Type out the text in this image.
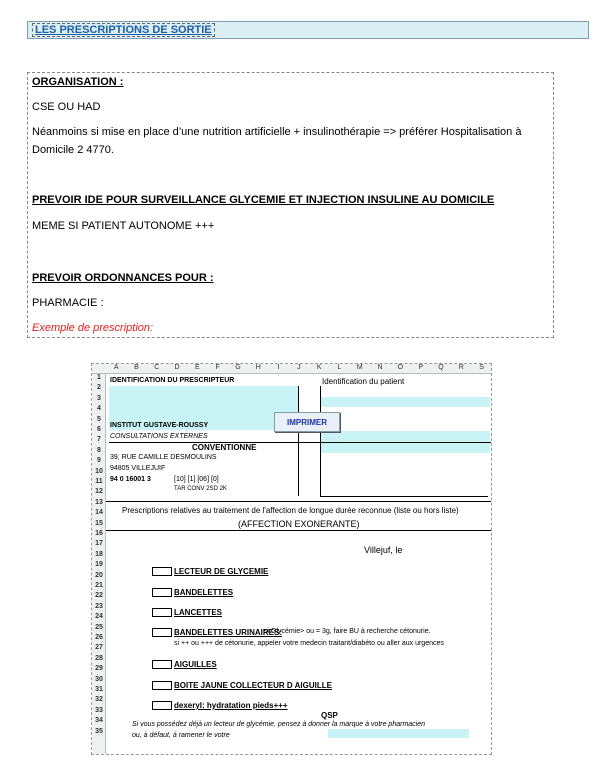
LES PRESCRIPTIONS DE SORTIE
ORGANISATION :
CSE OU HAD
Néanmoins si mise en place d’une nutrition artificielle + insulinothérapie => préférer Hospitalisation à
Domicile 2 4770.
PREVOIR IDE POUR SURVEILLANCE GLYCEMIE ET INJECTION INSULINE AU DOMICILE
MEME SI PATIENT AUTONOME +++
PREVOIR ORDONNANCES POUR :
PHARMACIE :
Exemple de prescription:
A	B	C	D	E	F	G	H	I	J	K	L	M	N	O	P	Q	R	S
1
2
3
4
5
6
7
8
9
10
11
12
13
14
15
16
17
18
19
20
21
22
23
24
25
26
27
28
29
30
31
32
33
34
35
IMPRIMER
IDENTIFICATION DU PRESCRIPTEUR	Identification du patient
INSTITUT GUSTAVE-ROUSSY
CONSULTATIONS EXTERNES
CONVENTIONNE
39, RUE CAMILLE DESMOULINS
94805 VILLEJUIF
94 0 16001 3	[10] [1] [06] [0]
TAR CONV 2SD 2K
Prescriptions relatives au traitement de l'affection de longue durée reconnue (liste ou hors liste)
(AFFECTION EXONERANTE)
Villejuf, le
LECTEUR DE GLYCEMIE
BANDELETTES
LANCETTES
BANDELETTES URINAIRES:
si Glycémie> ou = 3g, faire BU à recherche cétonurie.
si ++ ou +++ de cétonurie, appeler votre medecin traitant/diabéto ou aller aux urgences
AIGUILLES
BOITE JAUNE COLLECTEUR D AIGUILLE
dexeryl: hydratation pieds+++
QSP
Si vous possédez déjà un lecteur de glycémie, pensez à donner la marque à votre pharmacien
ou, à défaut, à ramener le votre
